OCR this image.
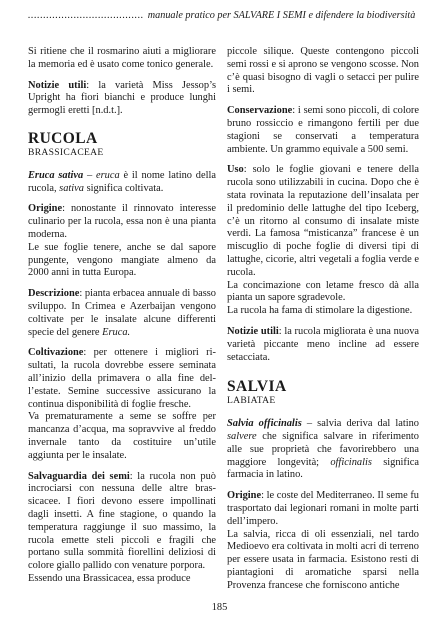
...................................... manuale pratico per SALVARE I SEMI e difendere la biodiversità

Si ritiene che il rosmarino aiuti a migliorare la memoria ed è usato come tonico generale.

Notizie utili: la varietà Miss Jessop’s Upright ha fiori bianchi e produce lunghi germogli eretti [n.d.t.].

RUCOLA
BRASSICACEAE

Eruca sativa – eruca è il nome latino della rucola, sativa significa coltivata.

Origine: nonostante il rinnovato interesse culinario per la rucola, essa non è una pianta moderna.

Le sue foglie tenere, anche se dal sapore pungente, vengono mangiate almeno da 2000 anni in tutta Europa.

Descrizione: pianta erbacea annuale di basso sviluppo. In Crimea e Azerbaijan vengono coltivate per le insalate alcune differenti specie del genere Eruca.

Coltivazione: per ottenere i migliori risultati, la rucola dovrebbe essere seminata all’inizio della primavera o alla fine dell’estate. Semine successive assicurano la continua disponibilità di foglie fresche.

Va prematuramente a seme se soffre per mancanza d’acqua, ma sopravvive al freddo invernale tanto da costituire un’utile aggiunta per le insalate.

Salvaguardia dei semi: la rucola non può incrociarsi con nessuna delle altre brassicacee. I fiori devono essere impollinati dagli insetti. A fine stagione, o quando la temperatura raggiunge il suo massimo, la rucola emette steli piccoli e fragili che portano sulla sommità fiorellini deliziosi di colore giallo pallido con venature porpora.

Essendo una Brassicacea, essa produce

piccole silique. Queste contengono piccoli semi rossi e si aprono se vengono scosse. Non c’è quasi bisogno di vagli o setacci per pulire i semi.

Conservazione: i semi sono piccoli, di colore bruno rossiccio e rimangono fertili per due stagioni se conservati a temperatura ambiente. Un grammo equivale a 500 semi.

Uso: solo le foglie giovani e tenere della rucola sono utilizzabili in cucina. Dopo che è stata rovinata la reputazione dell’insalata per il predominio delle lattughe del tipo Iceberg, c’è un ritorno al consumo di insalate miste verdi. La famosa “misticanza” francese è un miscuglio di poche foglie di diversi tipi di lattughe, cicorie, altri vegetali a foglia verde e rucola.

La concimazione con letame fresco dà alla pianta un sapore sgradevole.

La rucola ha fama di stimolare la digestione.

Notizie utili: la rucola migliorata è una nuova varietà piccante meno incline ad essere setacciata.

SALVIA
LABIATAE

Salvia officinalis – salvia deriva dal latino salvere che significa salvare in riferimento alle sue proprietà che favorirebbero una maggiore longevità; officinalis significa farmacia in latino.

Origine: le coste del Mediterraneo. Il seme fu trasportato dai legionari romani in molte parti dell’impero.

La salvia, ricca di oli essenziali, nel tardo Medioevo era coltivata in molti acri di terreno per essere usata in farmacia. Esistono resti di piantagioni di aromatiche sparsi nella Provenza francese che forniscono antiche

185
